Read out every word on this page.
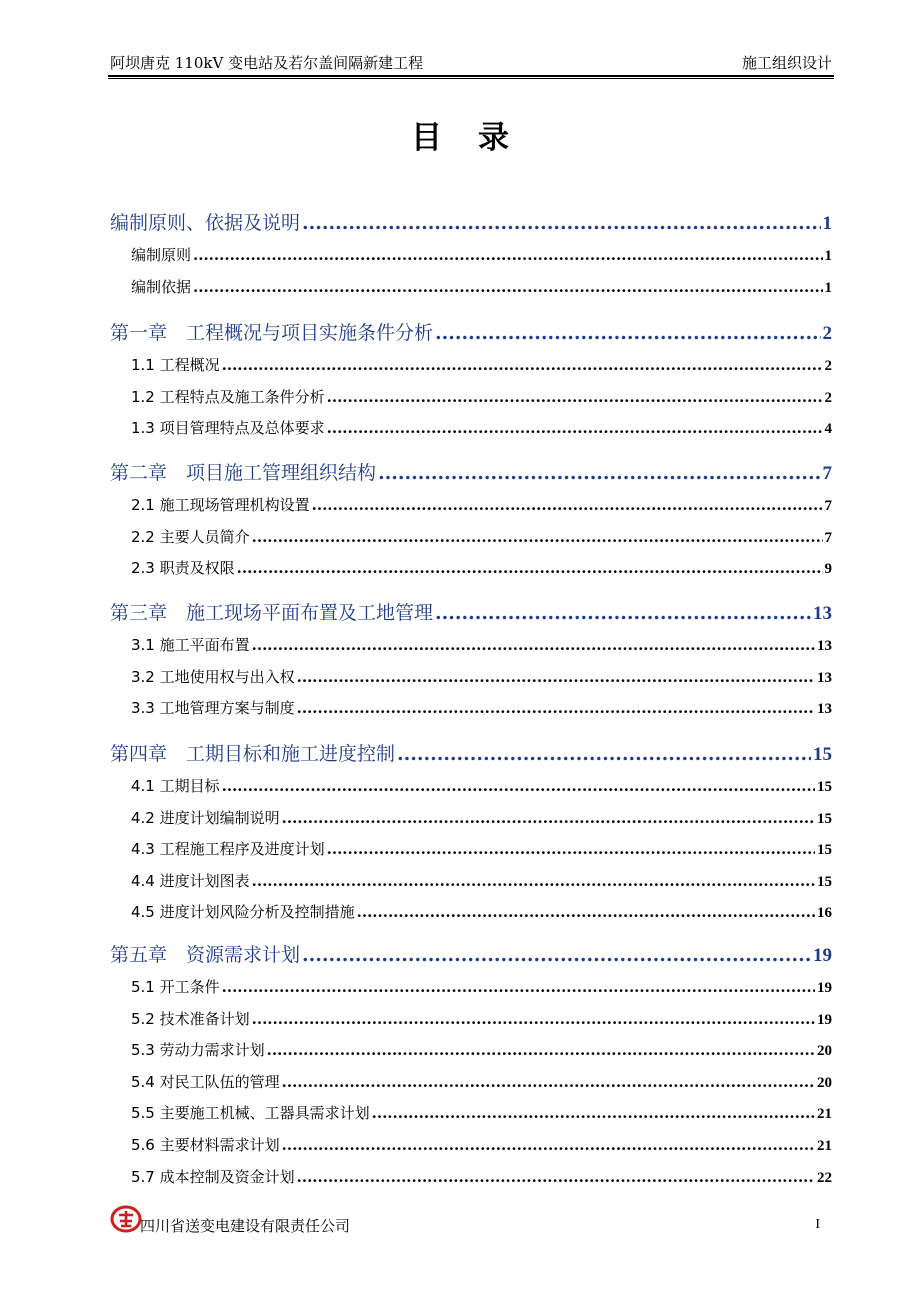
阿坝唐克 110kV 变电站及若尔盖间隔新建工程	施工组织设计
目录
编制原则、依据及说明 .....	1
编制原则 .....	1
编制依据 .....	1
第一章　工程概况与项目实施条件分析 .....	2
1.1 工程概况 .....	2
1.2 工程特点及施工条件分析 .....	2
1.3 项目管理特点及总体要求 .....	4
第二章　项目施工管理组织结构 .....	7
2.1 施工现场管理机构设置 .....	7
2.2 主要人员简介 .....	7
2.3 职责及权限 .....	9
第三章　施工现场平面布置及工地管理 .....	13
3.1 施工平面布置 .....	13
3.2 工地使用权与出入权 .....	13
3.3 工地管理方案与制度 .....	13
第四章　工期目标和施工进度控制 .....	15
4.1 工期目标 .....	15
4.2 进度计划编制说明 .....	15
4.3 工程施工程序及进度计划 .....	15
4.4 进度计划图表 .....	15
4.5 进度计划风险分析及控制措施 .....	16
第五章　资源需求计划 .....	19
5.1 开工条件 .....	19
5.2 技术准备计划 .....	19
5.3 劳动力需求计划 .....	20
5.4 对民工队伍的管理 .....	20
5.5 主要施工机械、工器具需求计划 .....	21
5.6 主要材料需求计划 .....	21
5.7 成本控制及资金计划 .....	22
四川省送变电建设有限责任公司	I
